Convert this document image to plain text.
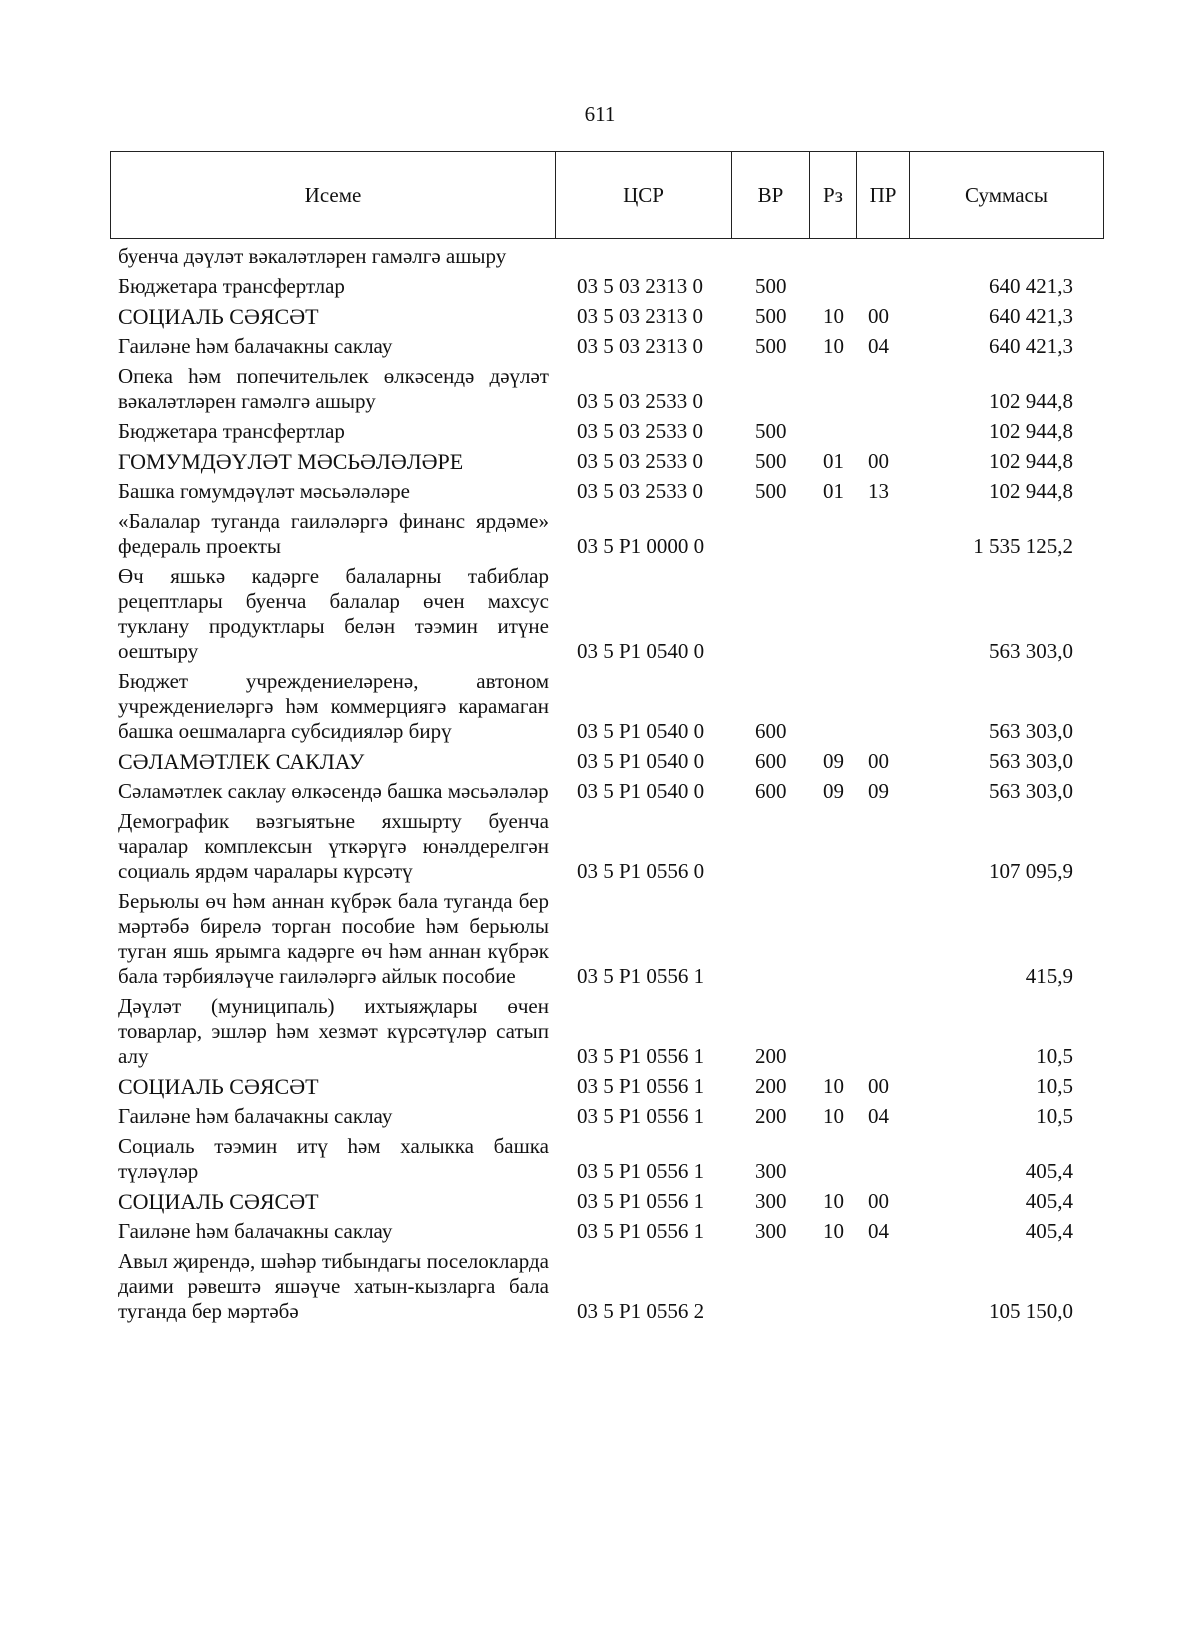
611
Исеме	ЦСР	ВР	Рз	ПР	Суммасы
буенча дәүләт вәкаләтләрен гамәлгә ашыру					
Бюджетара трансфертлар	03 5 03 2313 0	500			640 421,3
СОЦИАЛЬ СӘЯСӘТ	03 5 03 2313 0	500	10	00	640 421,3
Гаиләне һәм балачакны саклау	03 5 03 2313 0	500	10	04	640 421,3
Опека һәм попечительлек өлкәсендә дәүләт вәкаләтләрен гамәлгә ашыру	03 5 03 2533 0				102 944,8
Бюджетара трансфертлар	03 5 03 2533 0	500			102 944,8
ГОМУМДӘҮЛӘТ МӘСЬӘЛӘЛӘРЕ	03 5 03 2533 0	500	01	00	102 944,8
Башка гомумдәүләт мәсьәләләре	03 5 03 2533 0	500	01	13	102 944,8
«Балалар туганда гаиләләргә финанс ярдәме» федераль проекты	03 5 P1 0000 0				1 535 125,2
Өч яшькә кадәрге балаларны табиблар рецептлары буенча балалар өчен махсус туклану продуктлары белән тәэмин итүне оештыру	03 5 P1 0540 0				563 303,0
Бюджет учреждениеләренә, автоном учреждениеләргә һәм коммерциягә карамаган башка оешмаларга субсидияләр бирү	03 5 P1 0540 0	600			563 303,0
СӘЛАМӘТЛЕК САКЛАУ	03 5 P1 0540 0	600	09	00	563 303,0
Сәламәтлек саклау өлкәсендә башка мәсьәләләр	03 5 P1 0540 0	600	09	09	563 303,0
Демографик вәзгыятьне яхшырту буенча чаралар комплексын үткәрүгә юнәлдерелгән социаль ярдәм чаралары күрсәтү	03 5 P1 0556 0				107 095,9
Берьюлы өч һәм аннан күбрәк бала туганда бер мәртәбә бирелә торган пособие һәм берьюлы туган яшь ярымга кадәрге өч һәм аннан күбрәк бала тәрбияләүче гаиләләргә айлык пособие	03 5 P1 0556 1				415,9
Дәүләт (муниципаль) ихтыяҗлары өчен товарлар, эшләр һәм хезмәт күрсәтүләр сатып алу	03 5 P1 0556 1	200			10,5
СОЦИАЛЬ СӘЯСӘТ	03 5 P1 0556 1	200	10	00	10,5
Гаиләне һәм балачакны саклау	03 5 P1 0556 1	200	10	04	10,5
Социаль тәэмин итү һәм халыкка башка түләүләр	03 5 P1 0556 1	300			405,4
СОЦИАЛЬ СӘЯСӘТ	03 5 P1 0556 1	300	10	00	405,4
Гаиләне һәм балачакны саклау	03 5 P1 0556 1	300	10	04	405,4
Авыл җирендә, шәһәр тибындагы поселокларда даими рәвештә яшәүче хатын-кызларга бала туганда бер мәртәбә	03 5 P1 0556 2				105 150,0
